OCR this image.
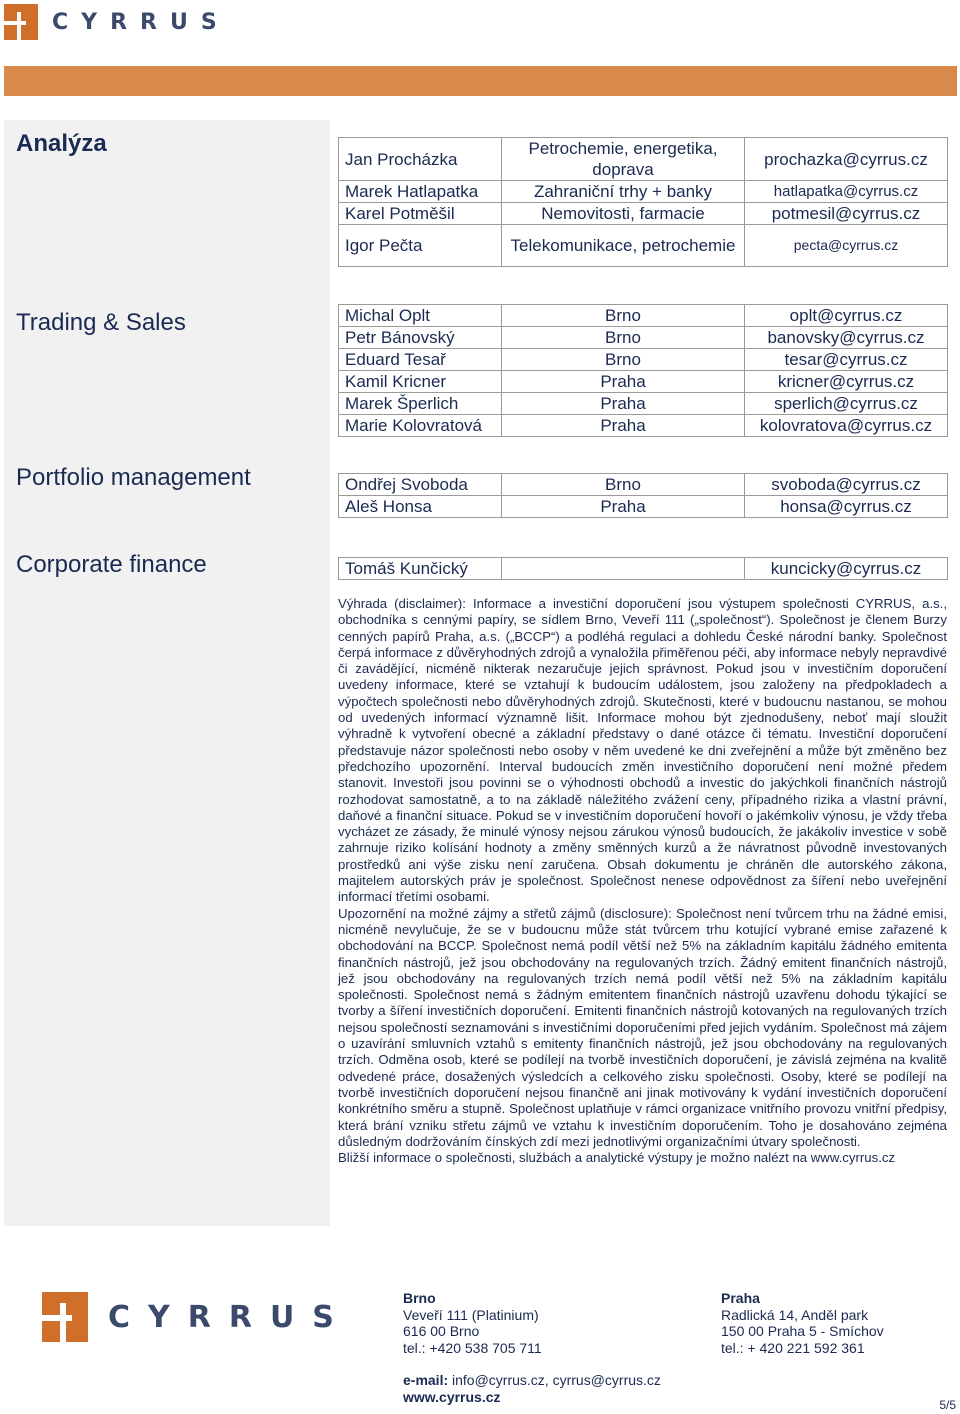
CYRRUS
Analýza
Trading & Sales
Portfolio management
Corporate finance
Jan Procházka	Petrochemie, energetika, doprava	prochazka@cyrrus.cz
Marek Hatlapatka	Zahraniční trhy + banky	hatlapatka@cyrrus.cz
Karel Potměšil	Nemovitosti, farmacie	potmesil@cyrrus.cz
Igor Pečta	Telekomunikace, petrochemie	pecta@cyrrus.cz
Michal Oplt	Brno	oplt@cyrrus.cz
Petr Bánovský	Brno	banovsky@cyrrus.cz
Eduard Tesař	Brno	tesar@cyrrus.cz
Kamil Kricner	Praha	kricner@cyrrus.cz
Marek Šperlich	Praha	sperlich@cyrrus.cz
Marie Kolovratová	Praha	kolovratova@cyrrus.cz
Ondřej Svoboda	Brno	svoboda@cyrrus.cz
Aleš Honsa	Praha	honsa@cyrrus.cz
Tomáš Kunčický		kuncicky@cyrrus.cz

Výhrada (disclaimer): Informace a investiční doporučení jsou výstupem společnosti CYRRUS, a.s., obchodníka s cennými papíry, se sídlem Brno, Veveří 111 („společnost“). Společnost je členem Burzy cenných papírů Praha, a.s. („BCCP“) a podléhá regulaci a dohledu České národní banky. Společnost čerpá informace z důvěryhodných zdrojů a vynaložila přiměřenou péči, aby informace nebyly nepravdivé či zavádějící, nicméně nikterak nezaručuje jejich správnost. Pokud jsou v investičním doporučení uvedeny informace, které se vztahují k budoucím událostem, jsou založeny na předpokladech a výpočtech společnosti nebo důvěryhodných zdrojů. Skutečnosti, které v budoucnu nastanou, se mohou od uvedených informací významně lišit. Informace mohou být zjednodušeny, neboť mají sloužit výhradně k vytvoření obecné a základní představy o dané otázce či tématu. Investiční doporučení představuje názor společnosti nebo osoby v něm uvedené ke dni zveřejnění a může být změněno bez předchozího upozornění. Interval budoucích změn investičního doporučení není možné předem stanovit. Investoři jsou povinni se o výhodnosti obchodů a investic do jakýchkoli finančních nástrojů rozhodovat samostatně, a to na základě náležitého zvážení ceny, případného rizika a vlastní právní, daňové a finanční situace. Pokud se v investičním doporučení hovoří o jakémkoliv výnosu, je vždy třeba vycházet ze zásady, že minulé výnosy nejsou zárukou výnosů budoucích, že jakákoliv investice v sobě zahrnuje riziko kolísání hodnoty a změny směnných kurzů a že návratnost původně investovaných prostředků ani výše zisku není zaručena. Obsah dokumentu je chráněn dle autorského zákona, majitelem autorských práv je společnost. Společnost nenese odpovědnost za šíření nebo uveřejnění informací třetími osobami.

Upozornění na možné zájmy a střetů zájmů (disclosure): Společnost není tvůrcem trhu na žádné emisi, nicméně nevylučuje, že se v budoucnu může stát tvůrcem trhu kotující vybrané emise zařazené k obchodování na BCCP. Společnost nemá podíl větší než 5% na základním kapitálu žádného emitenta finančních nástrojů, jež jsou obchodovány na regulovaných trzích. Žádný emitent finančních nástrojů, jež jsou obchodovány na regulovaných trzích nemá podíl větší než 5% na základním kapitálu společnosti. Společnost nemá s žádným emitentem finančních nástrojů uzavřenu dohodu týkající se tvorby a šíření investičních doporučení. Emitenti finančních nástrojů kotovaných na regulovaných trzích nejsou společností seznamováni s investičními doporučeními před jejich vydáním. Společnost má zájem o uzavírání smluvních vztahů s emitenty finančních nástrojů, jež jsou obchodovány na regulovaných trzích. Odměna osob, které se podílejí na tvorbě investičních doporučení, je závislá zejména na kvalitě odvedené práce, dosažených výsledcích a celkového zisku společnosti. Osoby, které se podílejí na tvorbě investičních doporučení nejsou finančně ani jinak motivovány k vydání investičních doporučení konkrétního směru a stupně. Společnost uplatňuje v rámci organizace vnitřního provozu vnitřní předpisy, která brání vzniku střetu zájmů ve vztahu k investičním doporučením. Toho je dosahováno zejména důsledným dodržováním čínských zdí mezi jednotlivými organizačními útvary společnosti.

Bližší informace o společnosti, službách a analytické výstupy je možno nalézt na www.cyrrus.cz

CYRRUS
Brno
Veveří 111 (Platinium)
616 00 Brno
tel.: +420 538 705 711
Praha
Radlická 14, Anděl park
150 00 Praha 5 - Smíchov
tel.: + 420 221 592 361
e-mail: info@cyrrus.cz, cyrrus@cyrrus.cz
www.cyrrus.cz
5/5
